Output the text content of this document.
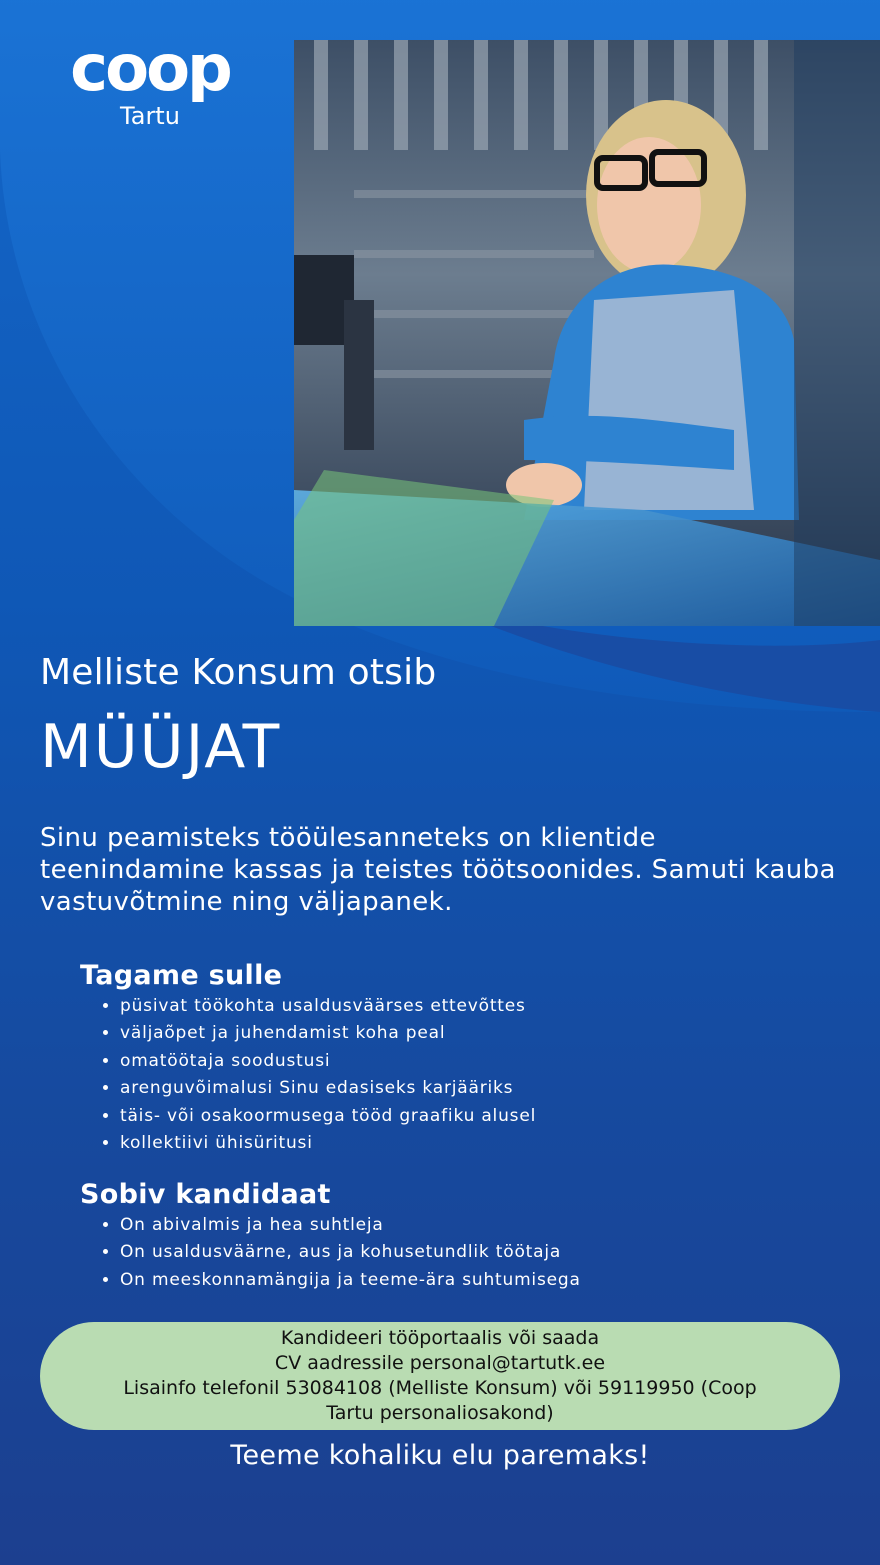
coop
Tartu
Melliste Konsum otsib
MÜÜJAT
Sinu peamisteks tööülesanneteks on klientide teenindamine kassas ja teistes töötsoonides. Samuti kauba vastuvõtmine ning väljapanek.
Tagame sulle
• püsivat töökohta usaldusväärses ettevõttes
• väljaõpet ja juhendamist koha peal
• omatöötaja soodustusi
• arenguvõimalusi Sinu edasiseks karjääriks
• täis- või osakoormusega tööd graafiku alusel
• kollektiivi ühisüritusi
Sobiv kandidaat
• On abivalmis ja hea suhtleja
• On usaldusväärne, aus ja kohusetundlik töötaja
• On meeskonnamängija ja teeme-ära suhtumisega
Kandideeri tööportaalis või saada
CV aadressile personal@tartutk.ee
Lisainfo telefonil 53084108 (Melliste Konsum) või 59119950 (Coop
Tartu personaliosakond)
Teeme kohaliku elu paremaks!
